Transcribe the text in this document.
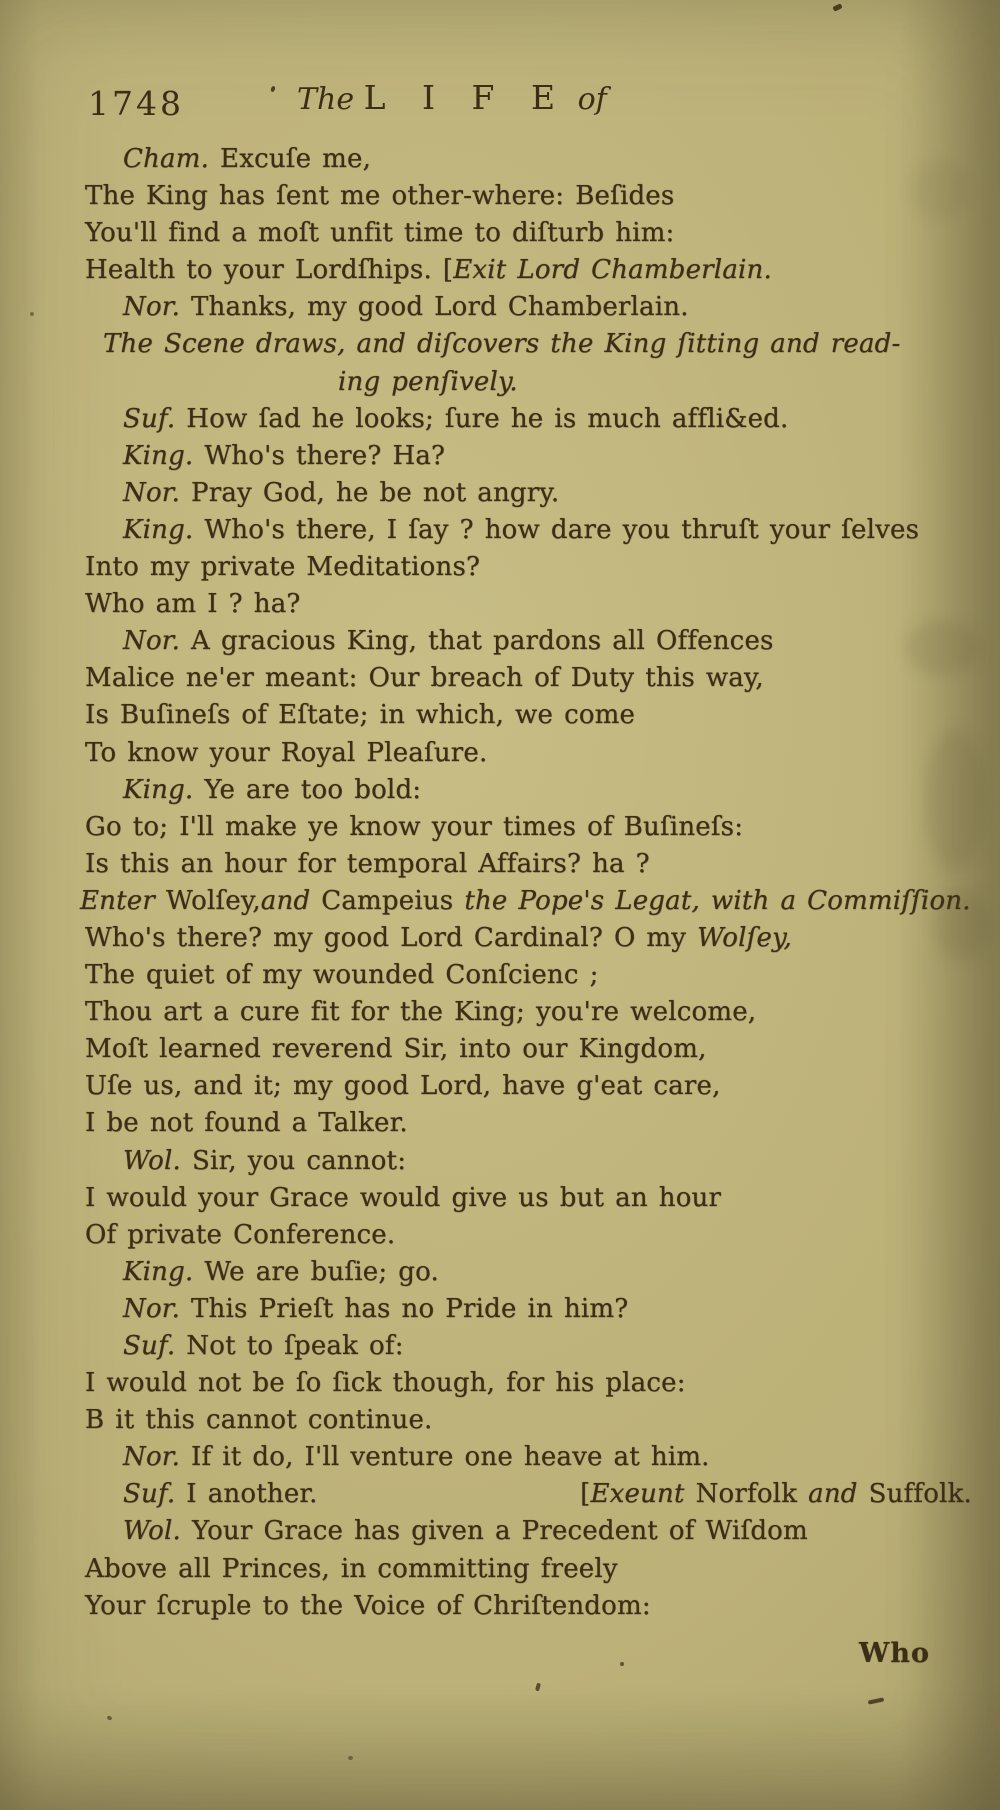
1748

	The L I F E of

Cham. Excuſe me,
The King has ſent me other-where: Beſides
You'll find a moſt unfit time to diſturb him:
Health to your Lordſhips. [Exit Lord Chamberlain.
Nor. Thanks, my good Lord Chamberlain.
The Scene draws, and diſcovers the King ſitting and read-
ing penſively.
Suf. How ſad he looks; ſure he is much affli&ed.
King. Who's there? Ha?
Nor. Pray God, he be not angry.
King. Who's there, I ſay ? how dare you thruſt your ſelves
Into my private Meditations?
Who am I ? ha?
Nor. A gracious King, that pardons all Offences
Malice ne'er meant: Our breach of Duty this way,
Is Buſineſs of Eſtate; in which, we come
To know your Royal Pleaſure.
King. Ye are too bold:
Go to; I'll make ye know your times of Buſineſs:
Is this an hour for temporal Affairs? ha ?
Enter Wolſey,and Campeius the Pope's Legat, with a Commiſſion.
Who's there? my good Lord Cardinal? O my Wolſey,
The quiet of my wounded Conſcienc ;
Thou art a cure fit for the King; you're welcome,
Moſt learned reverend Sir, into our Kingdom,
Uſe us, and it; my good Lord, have g'eat care,
I be not found a Talker.
Wol. Sir, you cannot:
I would your Grace would give us but an hour
Of private Conference.
King. We are buſie; go.
Nor. This Prieſt has no Pride in him?
Suf. Not to ſpeak of:
I would not be ſo ſick though, for his place:
B it this cannot continue.
Nor. If it do, I'll venture one heave at him.
Suf. I another.	[Exeunt Norfolk and Suffolk.
Wol. Your Grace has given a Precedent of Wiſdom
Above all Princes, in committing freely
Your ſcruple to the Voice of Chriſtendom:
Who
